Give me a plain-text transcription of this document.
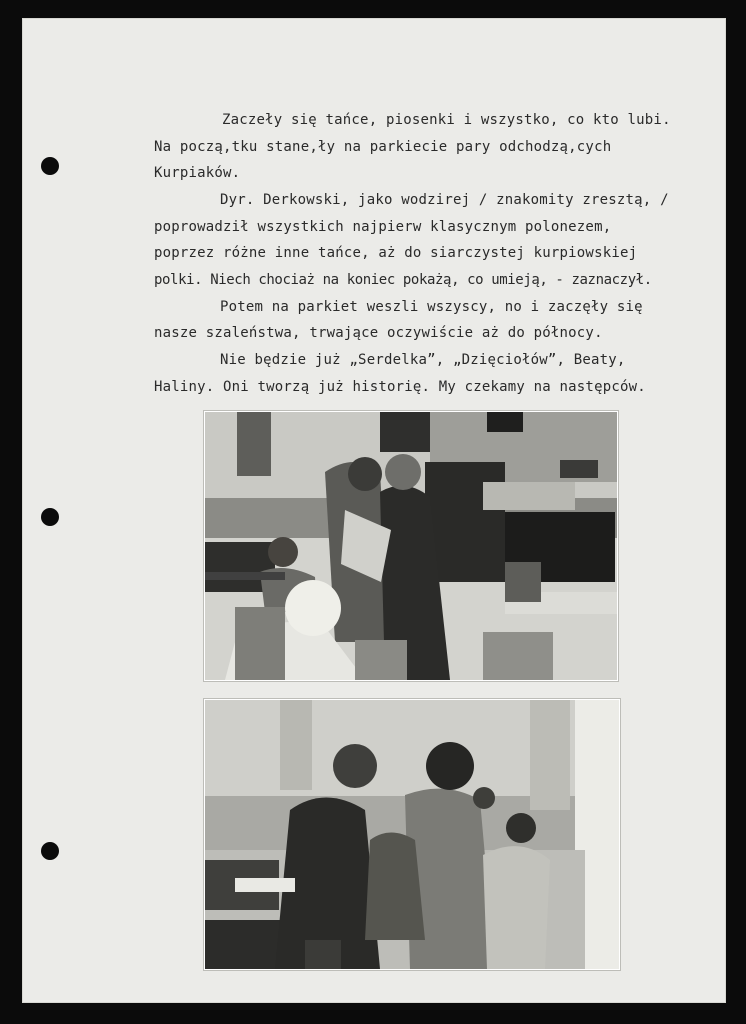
Zaczeły się tańce, piosenki i wszystko, co kto lubi.
Na począ,tku stane,ły na parkiecie pary odchodzą,cych
Kurpiaków.
Dyr. Derkowski, jako wodzirej / znakomity zresztą, /
poprowadził wszystkich najpierw klasycznym polonezem,
poprzez różne inne tańce, aż do siarczystej kurpiowskiej
polki. Niech chociaż na koniec pokażą, co umieją, - zaznaczył.
Potem na parkiet weszli wszyscy, no i zaczęły się
nasze szaleństwa, trwające oczywiście aż do północy.
Nie będzie już „Serdelka”, „Dzięciołów”, Beaty,
Haliny. Oni tworzą już historię. My czekamy na następców.
